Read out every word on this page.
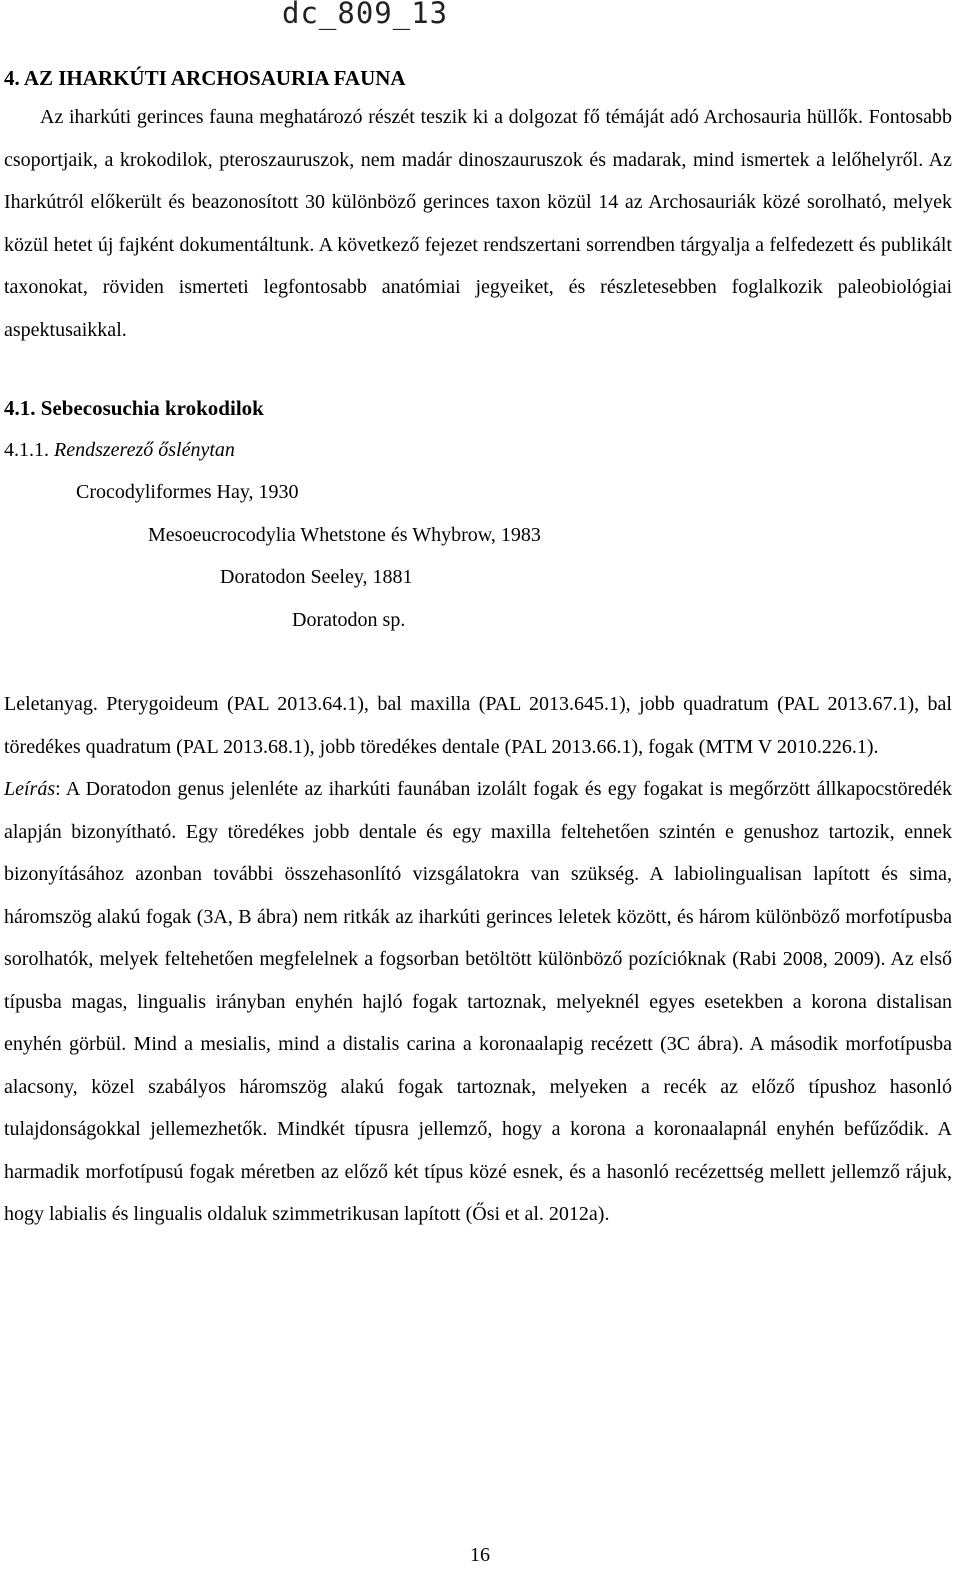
dc_809_13
4. AZ IHARKÚTI ARCHOSAURIA FAUNA

Az iharkúti gerinces fauna meghatározó részét teszik ki a dolgozat fő témáját adó Archosauria hüllők. Fontosabb csoportjaik, a krokodilok, pteroszauruszok, nem madár dinoszauruszok és madarak, mind ismertek a lelőhelyről. Az Iharkútról előkerült és beazonosított 30 különböző gerinces taxon közül 14 az Archosauriák közé sorolható, melyek közül hetet új fajként dokumentáltunk. A következő fejezet rendszertani sorrendben tárgyalja a felfedezett és publikált taxonokat, röviden ismerteti legfontosabb anatómiai jegyeiket, és részletesebben foglalkozik paleobiológiai aspektusaikkal.

4.1. Sebecosuchia krokodilok

4.1.1. Rendszerező őslénytan

Crocodyliformes Hay, 1930

Mesoeucrocodylia Whetstone és Whybrow, 1983

Doratodon Seeley, 1881

Doratodon sp.

Leletanyag. Pterygoideum (PAL 2013.64.1), bal maxilla (PAL 2013.645.1), jobb quadratum (PAL 2013.67.1), bal töredékes quadratum (PAL 2013.68.1), jobb töredékes dentale (PAL 2013.66.1), fogak (MTM V 2010.226.1).

Leírás: A Doratodon genus jelenléte az iharkúti faunában izolált fogak és egy fogakat is megőrzött állkapocstöredék alapján bizonyítható. Egy töredékes jobb dentale és egy maxilla feltehetően szintén e genushoz tartozik, ennek bizonyításához azonban további összehasonlító vizsgálatokra van szükség. A labiolingualisan lapított és sima, háromszög alakú fogak (3A, B ábra) nem ritkák az iharkúti gerinces leletek között, és három különböző morfotípusba sorolhatók, melyek feltehetően megfelelnek a fogsorban betöltött különböző pozícióknak (Rabi 2008, 2009). Az első típusba magas, lingualis irányban enyhén hajló fogak tartoznak, melyeknél egyes esetekben a korona distalisan enyhén görbül. Mind a mesialis, mind a distalis carina a koronaalapig recézett (3C ábra). A második morfotípusba alacsony, közel szabályos háromszög alakú fogak tartoznak, melyeken a recék az előző típushoz hasonló tulajdonságokkal jellemezhetők. Mindkét típusra jellemző, hogy a korona a koronaalapnál enyhén befűződik. A harmadik morfotípusú fogak méretben az előző két típus közé esnek, és a hasonló recézettség mellett jellemző rájuk, hogy labialis és lingualis oldaluk szimmetrikusan lapított (Ősi et al. 2012a).

16
